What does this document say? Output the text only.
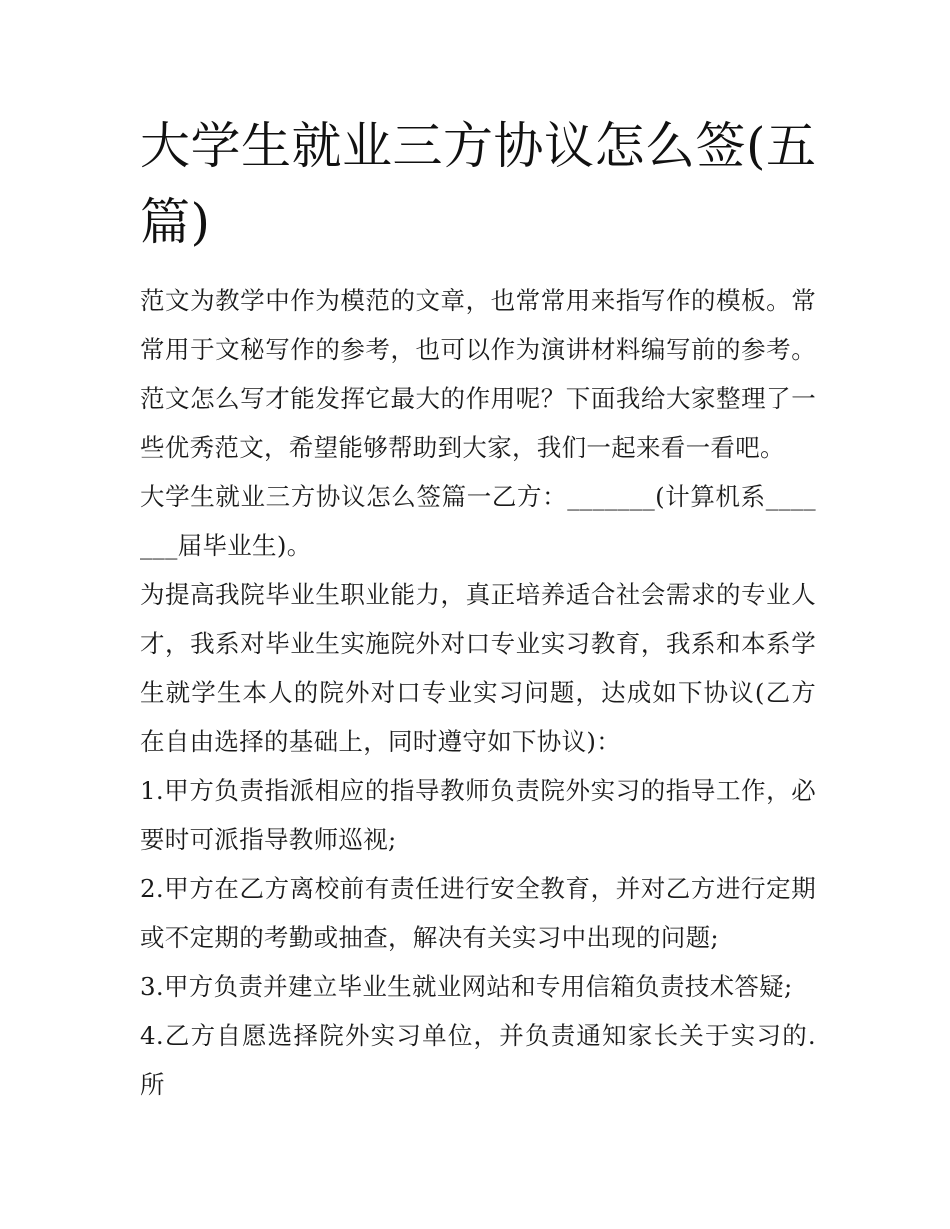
大学生就业三方协议怎么签(五篇)

范文为教学中作为模范的文章，也常常用来指写作的模板。常常用于文秘写作的参考，也可以作为演讲材料编写前的参考。范文怎么写才能发挥它最大的作用呢？下面我给大家整理了一些优秀范文，希望能够帮助到大家，我们一起来看一看吧。

大学生就业三方协议怎么签篇一乙方：_______(计算机系_______届毕业生)。

为提高我院毕业生职业能力，真正培养适合社会需求的专业人才，我系对毕业生实施院外对口专业实习教育，我系和本系学生就学生本人的院外对口专业实习问题，达成如下协议(乙方在自由选择的基础上，同时遵守如下协议)：

1.甲方负责指派相应的指导教师负责院外实习的指导工作，必要时可派指导教师巡视;

2.甲方在乙方离校前有责任进行安全教育，并对乙方进行定期或不定期的考勤或抽查，解决有关实习中出现的问题;

3.甲方负责并建立毕业生就业网站和专用信箱负责技术答疑;

4.乙方自愿选择院外实习单位，并负责通知家长关于实习的.所
